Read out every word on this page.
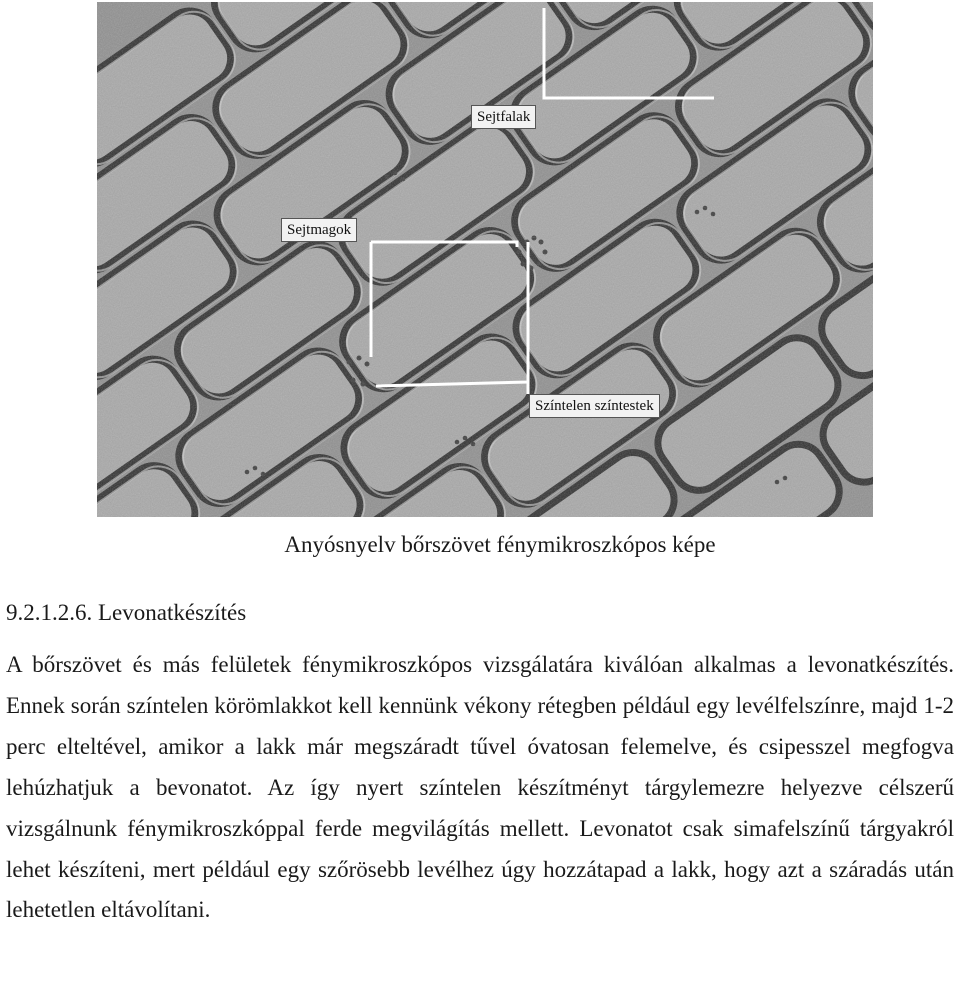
Sejtfalak
Sejtmagok
Színtelen színtestek
Anyósnyelv bőrszövet fénymikroszkópos képe
9.2.1.2.6. Levonatkészítés
A bőrszövet és más felületek fénymikroszkópos vizsgálatára kiválóan alkalmas a levonatkészítés. Ennek során színtelen körömlakkot kell kennünk vékony rétegben például egy levélfelszínre, majd 1-2 perc elteltével, amikor a lakk már megszáradt tűvel óvatosan felemelve, és csipesszel megfogva lehúzhatjuk a bevonatot. Az így nyert színtelen készítményt tárgylemezre helyezve célszerű vizsgálnunk fénymikroszkóppal ferde megvilágítás mellett. Levonatot csak simafelszínű tárgyakról lehet készíteni, mert például egy szőrösebb levélhez úgy hozzátapad a lakk, hogy azt a száradás után lehetetlen eltávolítani.
